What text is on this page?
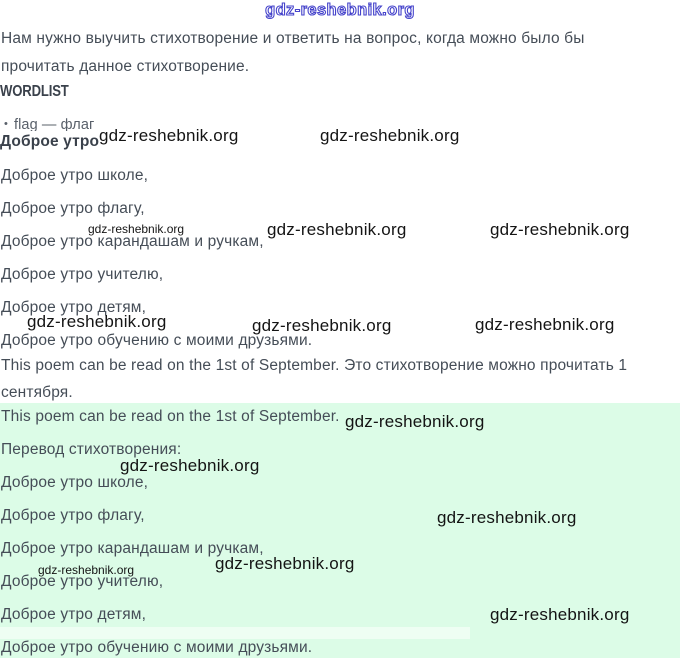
gdz-reshebnik.org
Нам нужно выучить стихотворение и ответить на вопрос, когда можно было бы
прочитать данное стихотворение.
WORDLIST
• flag — флаг
Доброе утро
Доброе утро школе,
Доброе утро флагу,
Доброе утро карандашам и ручкам,
Доброе утро учителю,
Доброе утро детям,
Доброе утро обучению с моими друзьями.
This poem can be read on the 1st of September. Это стихотворение можно прочитать 1
сентября.
This poem can be read on the 1st of September.
Перевод стихотворения:
Доброе утро школе,
Доброе утро флагу,
Доброе утро карандашам и ручкам,
Доброе утро учителю,
Доброе утро детям,
Доброе утро обучению с моими друзьями.
gdz-reshebnik.org	gdz-reshebnik.org
gdz-reshebnik.org	gdz-reshebnik.org	gdz-reshebnik.org
gdz-reshebnik.org	gdz-reshebnik.org	gdz-reshebnik.org
gdz-reshebnik.org
gdz-reshebnik.org
gdz-reshebnik.org
gdz-reshebnik.org
gdz-reshebnik.org
gdz-reshebnik.org
